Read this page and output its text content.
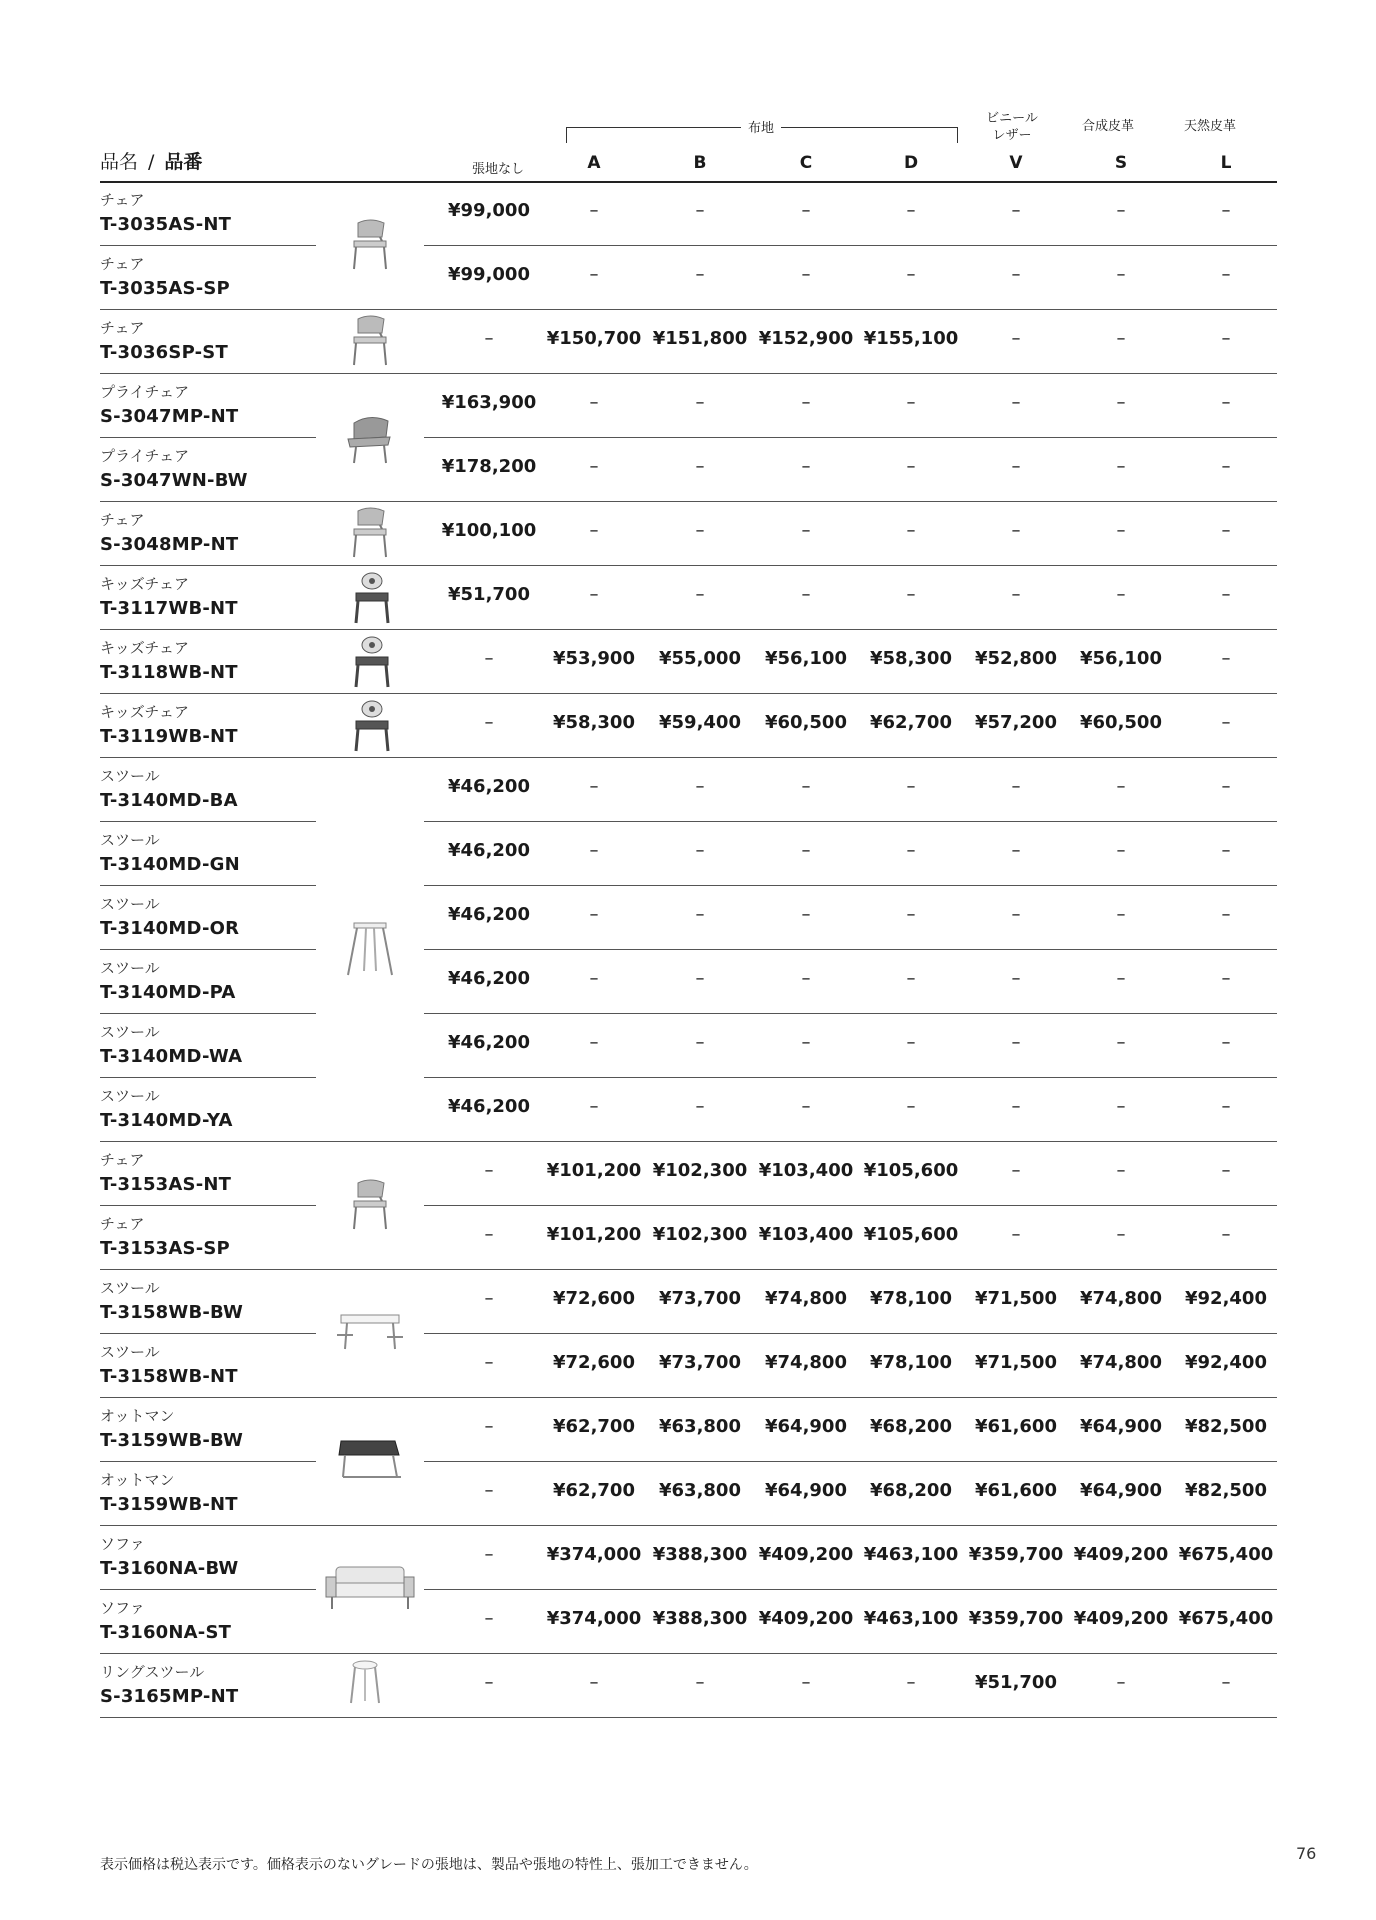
品名 / 品番
布地
ビニール
レザー
合成皮革	天然皮革
張地なし	A	B	C	D	V	S	L
チェア
T-3035AS-NT
¥99,000	–	–	–	–	–	–	–
チェア
T-3035AS-SP
¥99,000	–	–	–	–	–	–	–
チェア
T-3036SP-ST
–	¥150,700 ¥151,800 ¥152,900 ¥155,100	–	–	–
プライチェア
S-3047MP-NT
¥163,900	–	–	–	–	–	–	–
プライチェア
S-3047WN-BW
¥178,200	–	–	–	–	–	–	–
チェア
S-3048MP-NT
¥100,100	–	–	–	–	–	–	–
キッズチェア
T-3117WB-NT
¥51,700	–	–	–	–	–	–	–
キッズチェア
T-3118WB-NT
–	¥53,900	¥55,000	¥56,100	¥58,300	¥52,800	¥56,100	–
キッズチェア
T-3119WB-NT
–	¥58,300	¥59,400	¥60,500	¥62,700	¥57,200	¥60,500	–
スツール
T-3140MD-BA
¥46,200	–	–	–	–	–	–	–
スツール
T-3140MD-GN
¥46,200	–	–	–	–	–	–	–
スツール
T-3140MD-OR
¥46,200	–	–	–	–	–	–	–
スツール
T-3140MD-PA
¥46,200	–	–	–	–	–	–	–
スツール
T-3140MD-WA
¥46,200	–	–	–	–	–	–	–
スツール
T-3140MD-YA
¥46,200	–	–	–	–	–	–	–
チェア
T-3153AS-NT
–	¥101,200 ¥102,300 ¥103,400 ¥105,600	–	–	–
チェア
T-3153AS-SP
–	¥101,200 ¥102,300 ¥103,400 ¥105,600	–	–	–
スツール
T-3158WB-BW
–	¥72,600	¥73,700	¥74,800	¥78,100	¥71,500	¥74,800	¥92,400
スツール
T-3158WB-NT
–	¥72,600	¥73,700	¥74,800	¥78,100	¥71,500	¥74,800	¥92,400
オットマン
T-3159WB-BW
–	¥62,700	¥63,800	¥64,900	¥68,200	¥61,600	¥64,900	¥82,500
オットマン
T-3159WB-NT
–	¥62,700	¥63,800	¥64,900	¥68,200	¥61,600	¥64,900	¥82,500
ソファ
T-3160NA-BW
–	¥374,000 ¥388,300 ¥409,200 ¥463,100 ¥359,700 ¥409,200 ¥675,400
ソファ
T-3160NA-ST
–	¥374,000 ¥388,300 ¥409,200 ¥463,100 ¥359,700 ¥409,200 ¥675,400
リングスツール
S-3165MP-NT
–	–	–	–	–	¥51,700	–	–
表示価格は税込表示です。価格表示のないグレードの張地は、製品や張地の特性上、張加工できません。
76
